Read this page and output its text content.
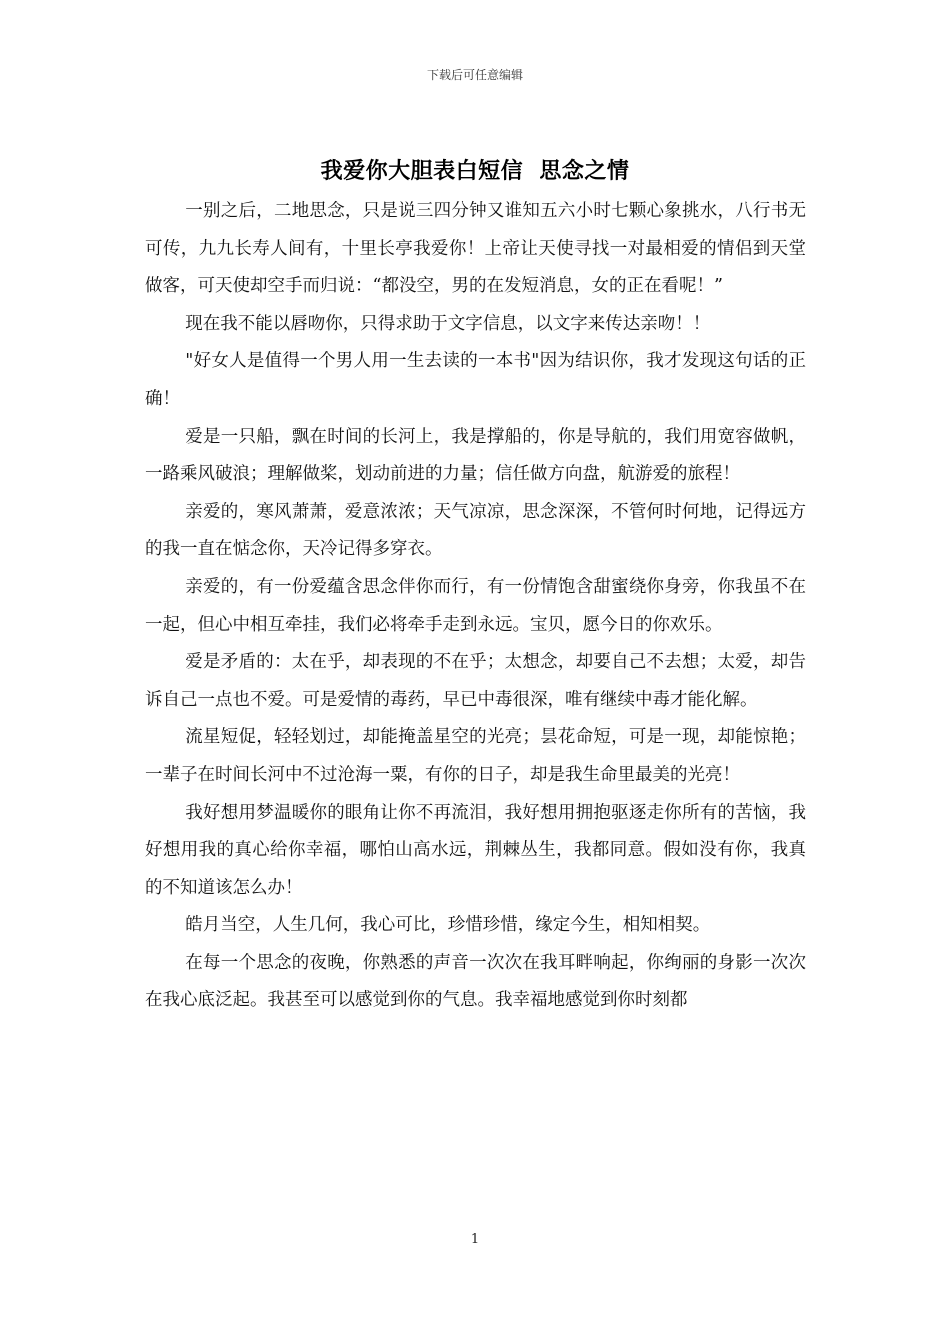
下载后可任意编辑
我爱你大胆表白短信  思念之情

一别之后，二地思念，只是说三四分钟又谁知五六小时七颗心象挑水，八行书无可传，九九长寿人间有，十里长亭我爱你！上帝让天使寻找一对最相爱的情侣到天堂做客，可天使却空手而归说：“都没空，男的在发短消息，女的正在看呢！”

现在我不能以唇吻你，只得求助于文字信息，以文字来传达亲吻！！

"好女人是值得一个男人用一生去读的一本书"因为结识你，我才发现这句话的正确！

爱是一只船，飘在时间的长河上，我是撑船的，你是导航的，我们用宽容做帆，一路乘风破浪；理解做桨，划动前进的力量；信任做方向盘，航游爱的旅程！

亲爱的，寒风萧萧，爱意浓浓；天气凉凉，思念深深，不管何时何地，记得远方的我一直在惦念你，天冷记得多穿衣。

亲爱的，有一份爱蕴含思念伴你而行，有一份情饱含甜蜜绕你身旁，你我虽不在一起，但心中相互牵挂，我们必将牵手走到永远。宝贝，愿今日的你欢乐。

爱是矛盾的：太在乎，却表现的不在乎；太想念，却要自己不去想；太爱，却告诉自己一点也不爱。可是爱情的毒药，早已中毒很深，唯有继续中毒才能化解。

流星短促，轻轻划过，却能掩盖星空的光亮；昙花命短，可是一现，却能惊艳；一辈子在时间长河中不过沧海一粟，有你的日子，却是我生命里最美的光亮！

我好想用梦温暖你的眼角让你不再流泪，我好想用拥抱驱逐走你所有的苦恼，我好想用我的真心给你幸福，哪怕山高水远，荆棘丛生，我都同意。假如没有你，我真的不知道该怎么办！

皓月当空，人生几何，我心可比，珍惜珍惜，缘定今生，相知相契。

在每一个思念的夜晚，你熟悉的声音一次次在我耳畔响起，你绚丽的身影一次次在我心底泛起。我甚至可以感觉到你的气息。我幸福地感觉到你时刻都

1
